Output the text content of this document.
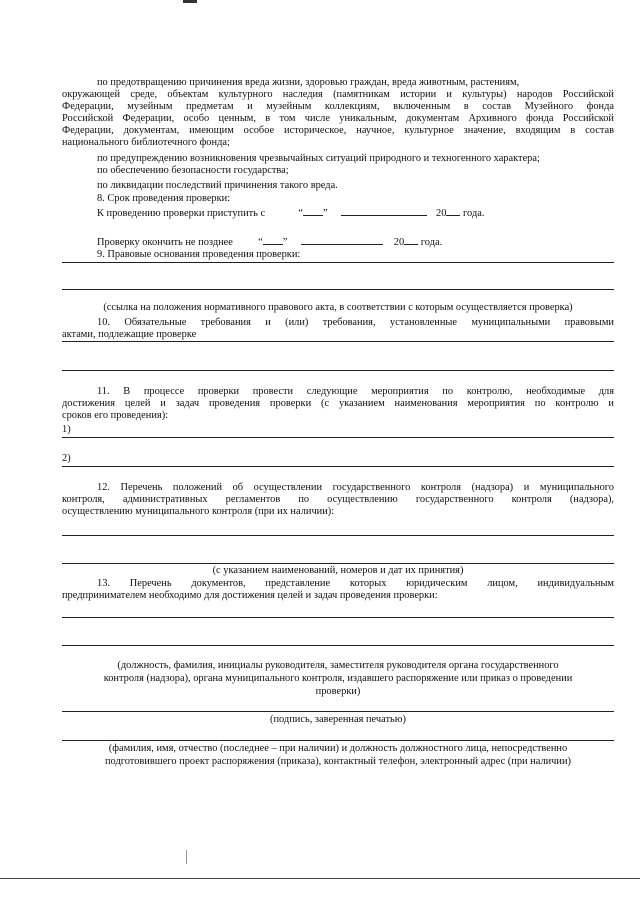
по предотвращению причинения вреда жизни, здоровью граждан, вреда животным, растениям,
окружающей среде, объектам культурного наследия (памятникам истории и культуры) народов Российской
Федерации, музейным предметам и музейным коллекциям, включенным в состав Музейного фонда
Российской Федерации, особо ценным, в том числе уникальным, документам Архивного фонда Российской
Федерации, документам, имеющим особое историческое, научное, культурное значение, входящим в состав
национального библиотечного фонда;
по предупреждению возникновения чрезвычайных ситуаций природного и техногенного характера;
по обеспечению безопасности государства;
по ликвидации последствий причинения такого вреда.
8. Срок проведения проверки:
К проведению проверки приступить с	“ ”	20 года.
Проверку окончить не позднее “ ”	20 года.
9. Правовые основания проведения проверки:
(ссылка на положения нормативного правового акта, в соответствии с которым осуществляется проверка)
10. Обязательные требования и (или) требования, установленные муниципальными правовыми
актами, подлежащие проверке
11. В процессе проверки провести следующие мероприятия по контролю, необходимые для
достижения целей и задач проведения проверки (с указанием наименования мероприятия по контролю и
сроков его проведения):
1)
2)
12. Перечень положений об осуществлении государственного контроля (надзора) и муниципального
контроля, административных регламентов по осуществлению государственного контроля (надзора),
осуществлению муниципального контроля (при их наличии):
(с указанием наименований, номеров и дат их принятия)
13. Перечень документов, представление которых юридическим лицом, индивидуальным
предпринимателем необходимо для достижения целей и задач проведения проверки:
(должность, фамилия, инициалы руководителя, заместителя руководителя органа государственного
контроля (надзора), органа муниципального контроля, издавшего распоряжение или приказ о проведении
проверки)
(подпись, заверенная печатью)
(фамилия, имя, отчество (последнее – при наличии) и должность должностного лица, непосредственно
подготовившего проект распоряжения (приказа), контактный телефон, электронный адрес (при наличии)
